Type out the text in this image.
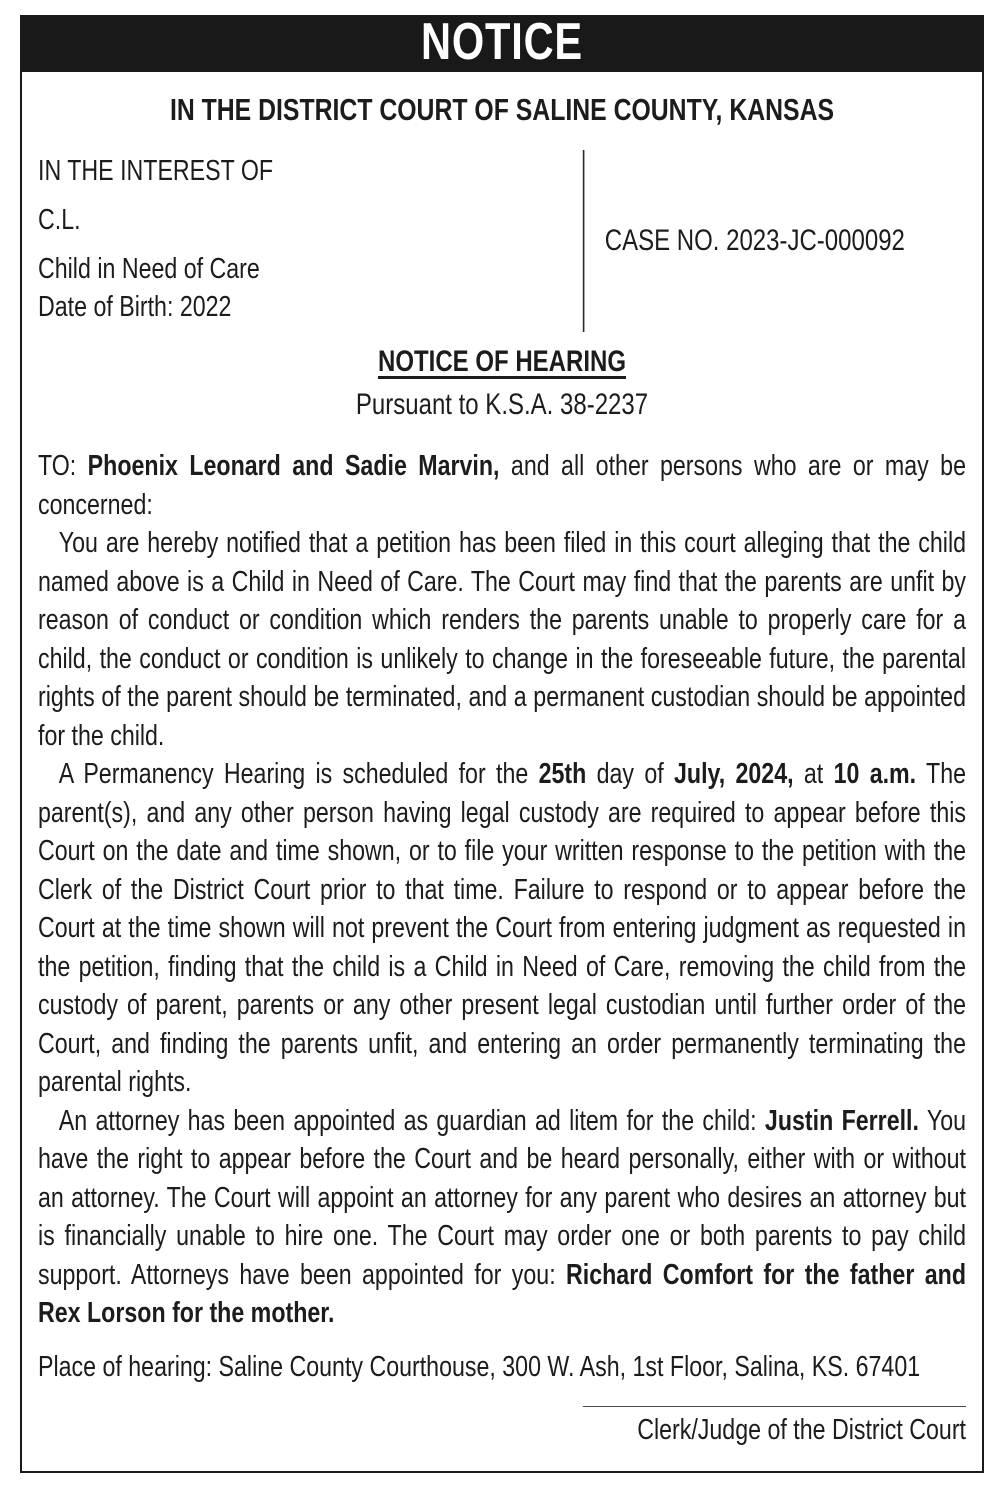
NOTICE
IN THE DISTRICT COURT OF SALINE COUNTY, KANSAS

IN THE INTEREST OF

C.L.

Child in Need of Care

Date of Birth: 2022

CASE NO. 2023-JC-000092
NOTICE OF HEARING

Pursuant to K.S.A. 38-2237

TO: Phoenix Leonard and Sadie Marvin, and all other persons who are or may be concerned:

You are hereby notified that a petition has been filed in this court alleging that the child named above is a Child in Need of Care. The Court may find that the parents are unfit by reason of conduct or condition which renders the parents unable to properly care for a child, the conduct or condition is unlikely to change in the foreseeable future, the parental rights of the parent should be terminated, and a permanent custodian should be appointed for the child.

A Permanency Hearing is scheduled for the 25th day of July, 2024, at 10 a.m. The parent(s), and any other person having legal custody are required to appear before this Court on the date and time shown, or to file your written response to the petition with the Clerk of the District Court prior to that time. Failure to respond or to appear before the Court at the time shown will not prevent the Court from entering judgment as requested in the petition, finding that the child is a Child in Need of Care, removing the child from the custody of parent, parents or any other present legal custodian until further order of the Court, and finding the parents unfit, and entering an order permanently terminating the parental rights.

An attorney has been appointed as guardian ad litem for the child: Justin Ferrell. You have the right to appear before the Court and be heard personally, either with or without an attorney. The Court will appoint an attorney for any parent who desires an attorney but is financially unable to hire one. The Court may order one or both parents to pay child support. Attorneys have been appointed for you: Richard Comfort for the father and Rex Lorson for the mother.

Place of hearing: Saline County Courthouse, 300 W. Ash, 1st Floor, Salina, KS. 67401

Clerk/Judge of the District Court
